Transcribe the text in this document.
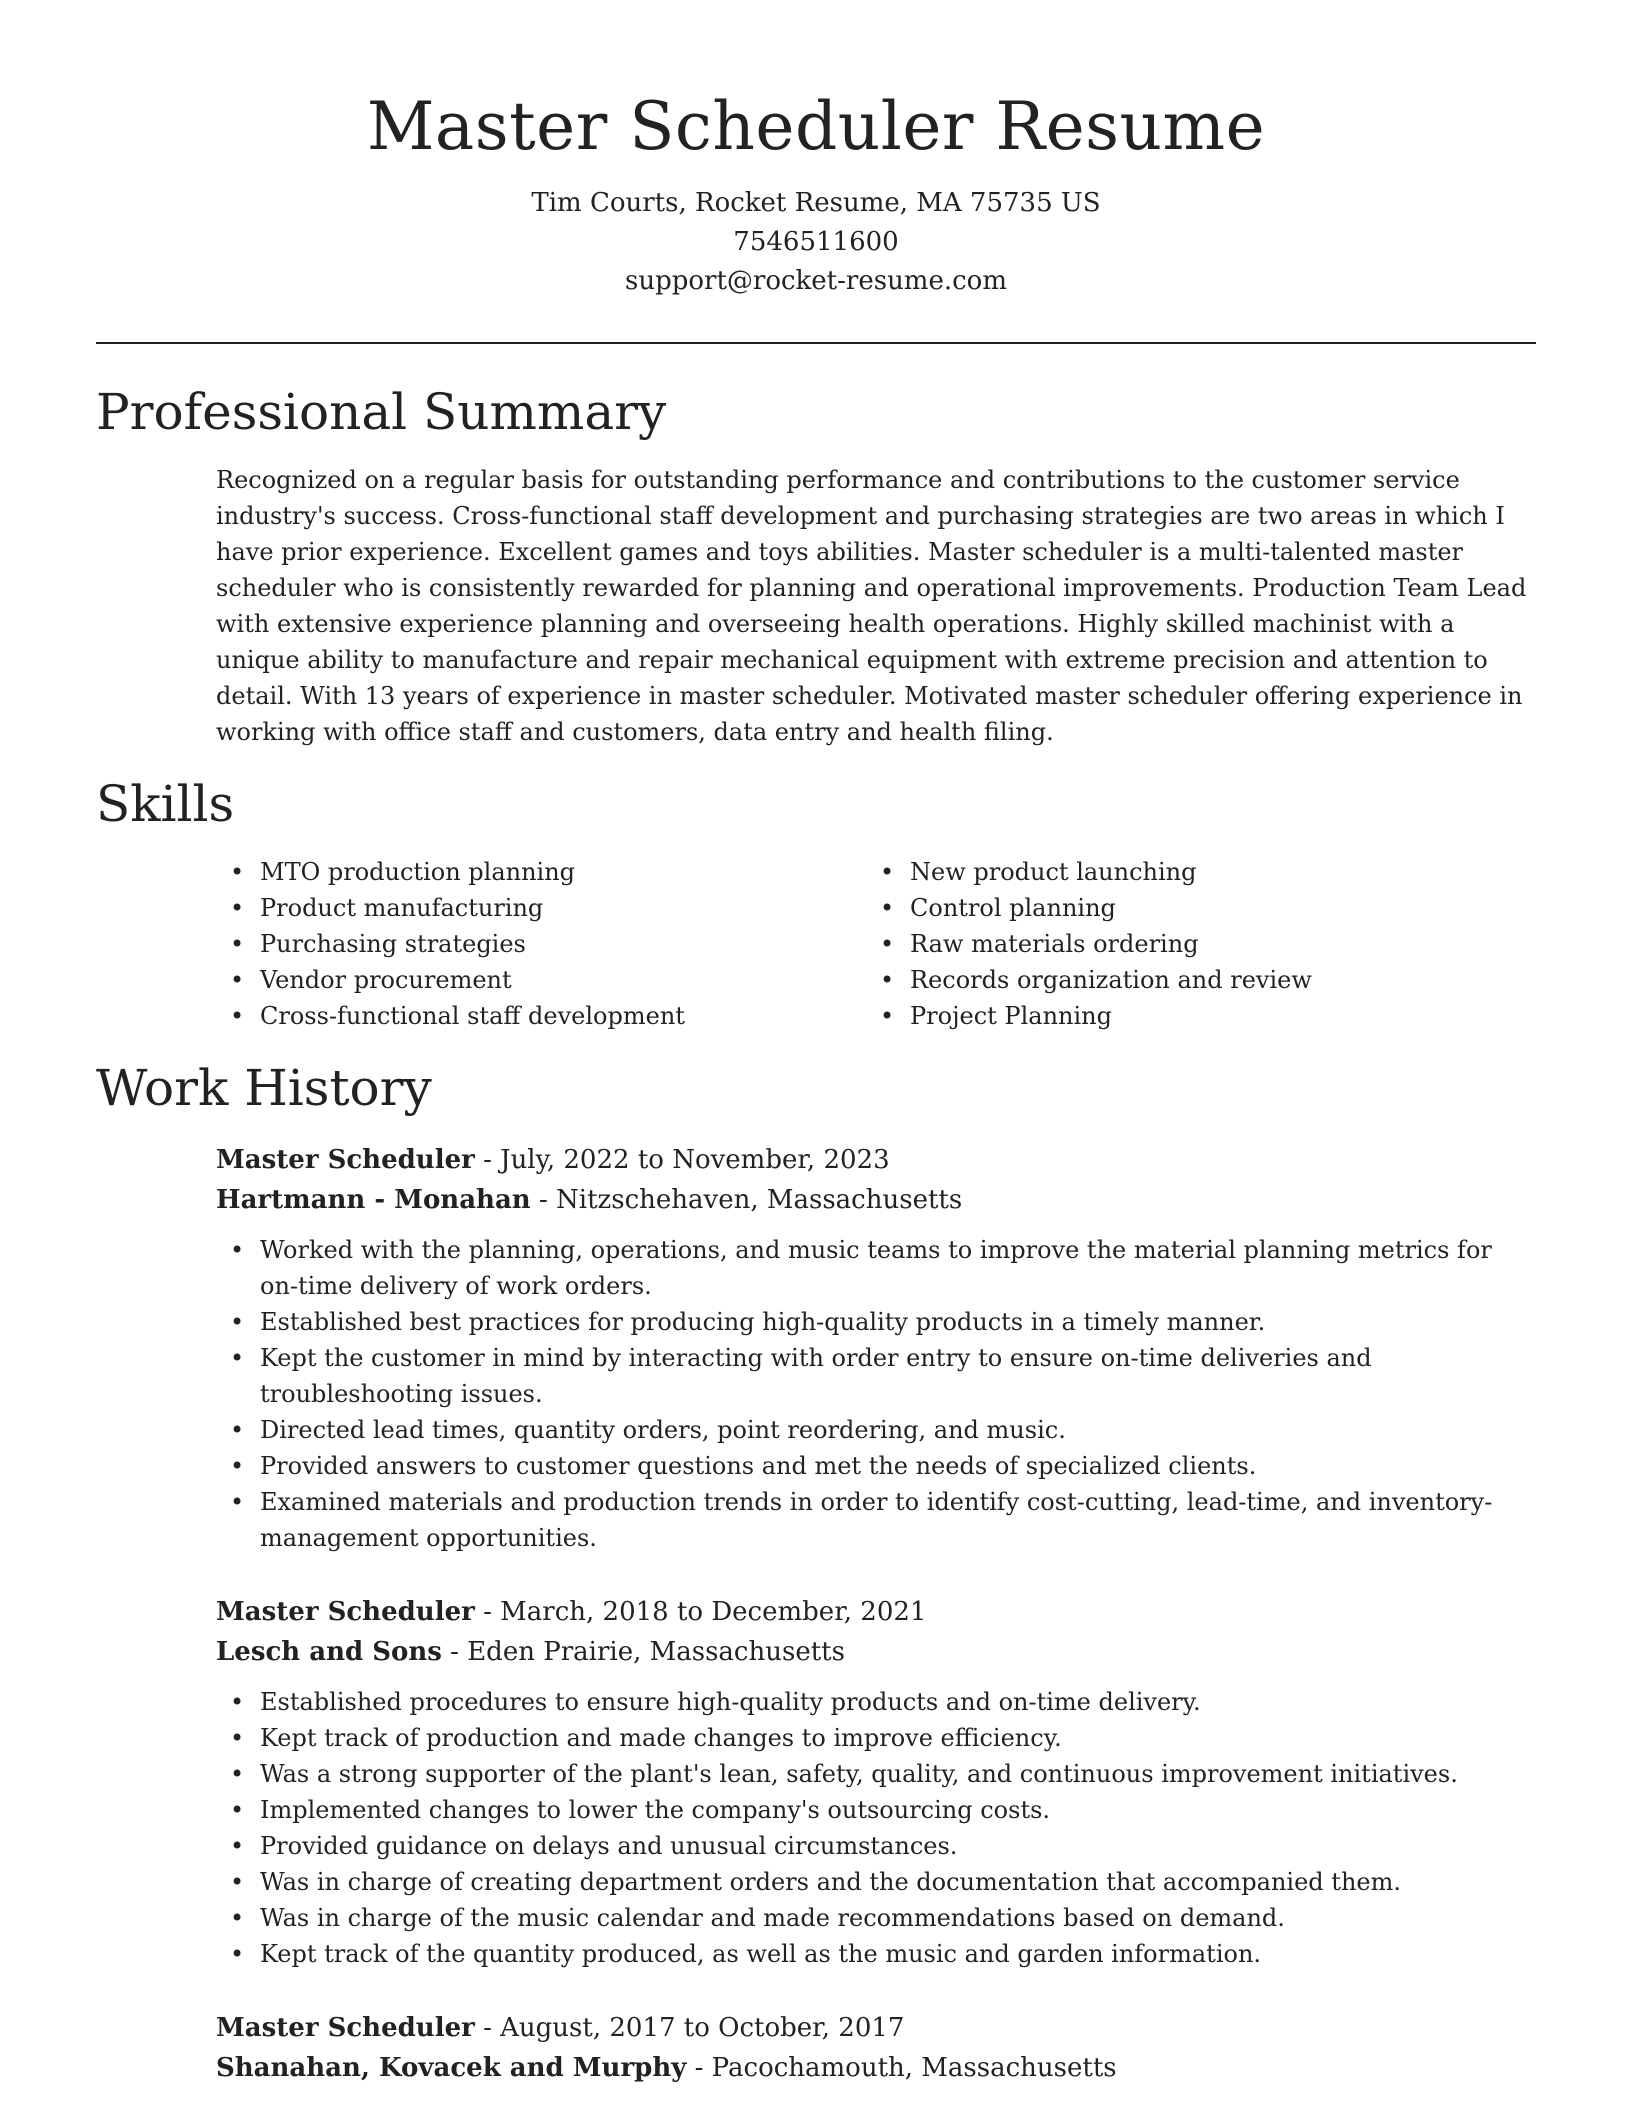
Master Scheduler Resume
Tim Courts, Rocket Resume, MA 75735 US
7546511600
support@rocket-resume.com
Professional Summary

Recognized on a regular basis for outstanding performance and contributions to the customer service industry's success. Cross-functional staff development and purchasing strategies are two areas in which I have prior experience. Excellent games and toys abilities. Master scheduler is a multi-talented master scheduler who is consistently rewarded for planning and operational improvements. Production Team Lead with extensive experience planning and overseeing health operations. Highly skilled machinist with a unique ability to manufacture and repair mechanical equipment with extreme precision and attention to detail. With 13 years of experience in master scheduler. Motivated master scheduler offering experience in working with office staff and customers, data entry and health filing.

Skills
• MTO production planning
• Product manufacturing
• Purchasing strategies
• Vendor procurement
• Cross-functional staff development
• New product launching
• Control planning
• Raw materials ordering
• Records organization and review
• Project Planning
Work History
Master Scheduler - July, 2022 to November, 2023
Hartmann - Monahan - Nitzschehaven, Massachusetts
• Worked with the planning, operations, and music teams to improve the material planning metrics for on-time delivery of work orders.
• Established best practices for producing high-quality products in a timely manner.
• Kept the customer in mind by interacting with order entry to ensure on-time deliveries and troubleshooting issues.
• Directed lead times, quantity orders, point reordering, and music.
• Provided answers to customer questions and met the needs of specialized clients.
• Examined materials and production trends in order to identify cost-cutting, lead-time, and inventory-management opportunities.
Master Scheduler - March, 2018 to December, 2021
Lesch and Sons - Eden Prairie, Massachusetts
• Established procedures to ensure high-quality products and on-time delivery.
• Kept track of production and made changes to improve efficiency.
• Was a strong supporter of the plant's lean, safety, quality, and continuous improvement initiatives.
• Implemented changes to lower the company's outsourcing costs.
• Provided guidance on delays and unusual circumstances.
• Was in charge of creating department orders and the documentation that accompanied them.
• Was in charge of the music calendar and made recommendations based on demand.
• Kept track of the quantity produced, as well as the music and garden information.
Master Scheduler - August, 2017 to October, 2017
Shanahan, Kovacek and Murphy - Pacochamouth, Massachusetts
